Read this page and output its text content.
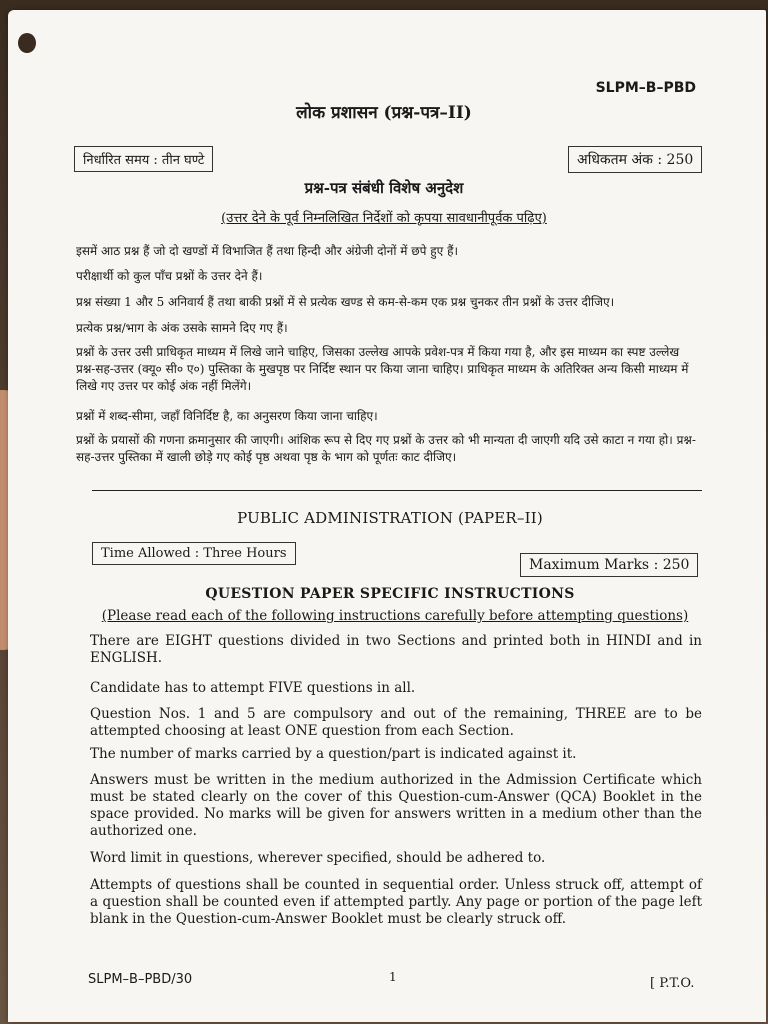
SLPM–B–PBD
लोक प्रशासन (प्रश्न-पत्र–II)
निर्धारित समय : तीन घण्टे	अधिकतम अंक : 250
प्रश्न-पत्र संबंधी विशेष अनुदेश
(उत्तर देने के पूर्व निम्नलिखित निर्देशों को कृपया सावधानीपूर्वक पढ़िए)
इसमें आठ प्रश्न हैं जो दो खण्डों में विभाजित हैं तथा हिन्दी और अंग्रेजी दोनों में छपे हुए हैं।
परीक्षार्थी को कुल पाँच प्रश्नों के उत्तर देने हैं।
प्रश्न संख्या 1 और 5 अनिवार्य हैं तथा बाकी प्रश्नों में से प्रत्येक खण्ड से कम-से-कम एक प्रश्न चुनकर तीन प्रश्नों के उत्तर दीजिए।
प्रत्येक प्रश्न/भाग के अंक उसके सामने दिए गए हैं।
प्रश्नों के उत्तर उसी प्राधिकृत माध्यम में लिखे जाने चाहिए, जिसका उल्लेख आपके प्रवेश-पत्र में किया गया है, और इस माध्यम का स्पष्ट उल्लेख प्रश्न-सह-उत्तर (क्यू० सी० ए०) पुस्तिका के मुखपृष्ठ पर निर्दिष्ट स्थान पर किया जाना चाहिए। प्राधिकृत माध्यम के अतिरिक्त अन्य किसी माध्यम में लिखे गए उत्तर पर कोई अंक नहीं मिलेंगे।
प्रश्नों में शब्द-सीमा, जहाँ विनिर्दिष्ट है, का अनुसरण किया जाना चाहिए।
प्रश्नों के प्रयासों की गणना क्रमानुसार की जाएगी। आंशिक रूप से दिए गए प्रश्नों के उत्तर को भी मान्यता दी जाएगी यदि उसे काटा न गया हो। प्रश्न-सह-उत्तर पुस्तिका में खाली छोड़े गए कोई पृष्ठ अथवा पृष्ठ के भाग को पूर्णतः काट दीजिए।
PUBLIC ADMINISTRATION (PAPER–II)
Time Allowed : Three Hours
Maximum Marks : 250
QUESTION PAPER SPECIFIC INSTRUCTIONS
(Please read each of the following instructions carefully before attempting questions)
There are EIGHT questions divided in two Sections and printed both in HINDI and in ENGLISH.
Candidate has to attempt FIVE questions in all.
Question Nos. 1 and 5 are compulsory and out of the remaining, THREE are to be attempted choosing at least ONE question from each Section.
The number of marks carried by a question/part is indicated against it.
Answers must be written in the medium authorized in the Admission Certificate which must be stated clearly on the cover of this Question-cum-Answer (QCA) Booklet in the space provided. No marks will be given for answers written in a medium other than the authorized one.
Word limit in questions, wherever specified, should be adhered to.
Attempts of questions shall be counted in sequential order. Unless struck off, attempt of a question shall be counted even if attempted partly. Any page or portion of the page left blank in the Question-cum-Answer Booklet must be clearly struck off.
SLPM–B–PBD/30	1	[ P.T.O.
